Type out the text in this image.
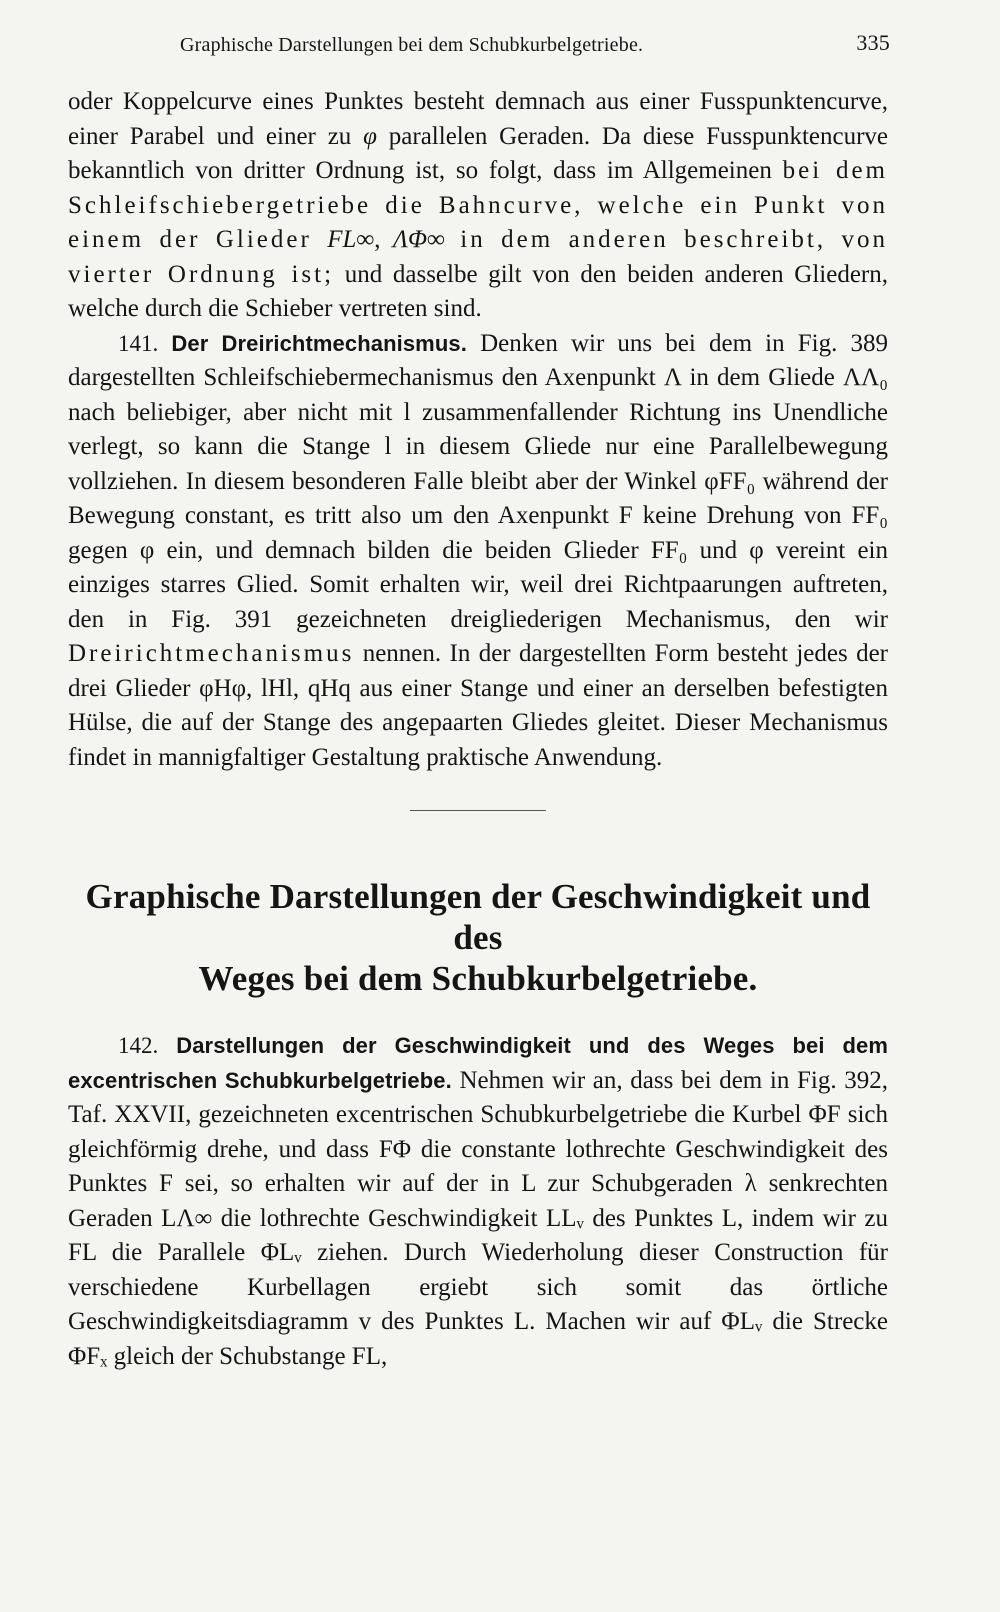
Graphische Darstellungen bei dem Schubkurbelgetriebe.	335

oder Koppelcurve eines Punktes besteht demnach aus einer Fusspunktencurve, einer Parabel und einer zu φ parallelen Geraden. Da diese Fusspunktencurve bekanntlich von dritter Ordnung ist, so folgt, dass im Allgemeinen bei dem Schleifschiebergetriebe die Bahncurve, welche ein Punkt von einem der Glieder FL∞, ΛΦ∞ in dem anderen beschreibt, von vierter Ordnung ist; und dasselbe gilt von den beiden anderen Gliedern, welche durch die Schieber vertreten sind.

141. Der Dreirichtmechanismus. Denken wir uns bei dem in Fig. 389 dargestellten Schleifschiebermechanismus den Axenpunkt Λ in dem Gliede ΛΛ₀ nach beliebiger, aber nicht mit l zusammenfallender Richtung ins Unendliche verlegt, so kann die Stange l in diesem Gliede nur eine Parallelbewegung vollziehen. In diesem besonderen Falle bleibt aber der Winkel φFF₀ während der Bewegung constant, es tritt also um den Axenpunkt F keine Drehung von FF₀ gegen φ ein, und demnach bilden die beiden Glieder FF₀ und φ vereint ein einziges starres Glied. Somit erhalten wir, weil drei Richtpaarungen auftreten, den in Fig. 391 gezeichneten dreigliederigen Mechanismus, den wir Dreirichtmechanismus nennen. In der dargestellten Form besteht jedes der drei Glieder φHφ, lHl, qHq aus einer Stange und einer an derselben befestigten Hülse, die auf der Stange des angepaarten Gliedes gleitet. Dieser Mechanismus findet in mannigfaltiger Gestaltung praktische Anwendung.

Graphische Darstellungen der Geschwindigkeit und des
Weges bei dem Schubkurbelgetriebe.

142. Darstellungen der Geschwindigkeit und des Weges bei dem excentrischen Schubkurbelgetriebe. Nehmen wir an, dass bei dem in Fig. 392, Taf. XXVII, gezeichneten excentrischen Schubkurbelgetriebe die Kurbel ΦF sich gleichförmig drehe, und dass FΦ die constante lothrechte Geschwindigkeit des Punktes F sei, so erhalten wir auf der in L zur Schubgeraden λ senkrechten Geraden LΛ∞ die lothrechte Geschwindigkeit LLᵥ des Punktes L, indem wir zu FL die Parallele ΦLᵥ ziehen. Durch Wiederholung dieser Construction für verschiedene Kurbellagen ergiebt sich somit das örtliche Geschwindigkeitsdiagramm v des Punktes L. Machen wir auf ΦLᵥ die Strecke ΦFₓ gleich der Schubstange FL,
